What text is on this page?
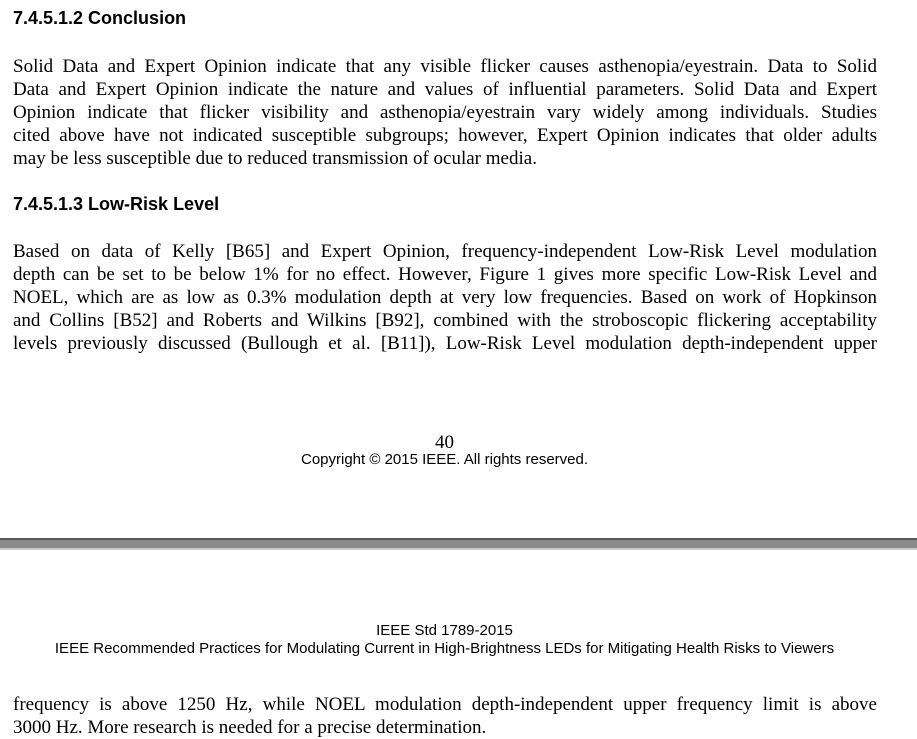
7.4.5.1.2 Conclusion
Solid Data and Expert Opinion indicate that any visible flicker causes asthenopia/eyestrain. Data to Solid
Data and Expert Opinion indicate the nature and values of influential parameters. Solid Data and Expert
Opinion indicate that flicker visibility and asthenopia/eyestrain vary widely among individuals. Studies
cited above have not indicated susceptible subgroups; however, Expert Opinion indicates that older adults
may be less susceptible due to reduced transmission of ocular media.
7.4.5.1.3 Low-Risk Level
Based on data of Kelly [B65] and Expert Opinion, frequency-independent Low-Risk Level modulation
depth can be set to be below 1% for no effect. However, Figure 1 gives more specific Low-Risk Level and
NOEL, which are as low as 0.3% modulation depth at very low frequencies. Based on work of Hopkinson
and Collins [B52] and Roberts and Wilkins [B92], combined with the stroboscopic flickering acceptability
levels previously discussed (Bullough et al. [B11]), Low-Risk Level modulation depth-independent upper
40
Copyright © 2015 IEEE. All rights reserved.
IEEE Std 1789-2015
IEEE Recommended Practices for Modulating Current in High-Brightness LEDs for Mitigating Health Risks to Viewers
frequency is above 1250 Hz, while NOEL modulation depth-independent upper frequency limit is above
3000 Hz. More research is needed for a precise determination.
